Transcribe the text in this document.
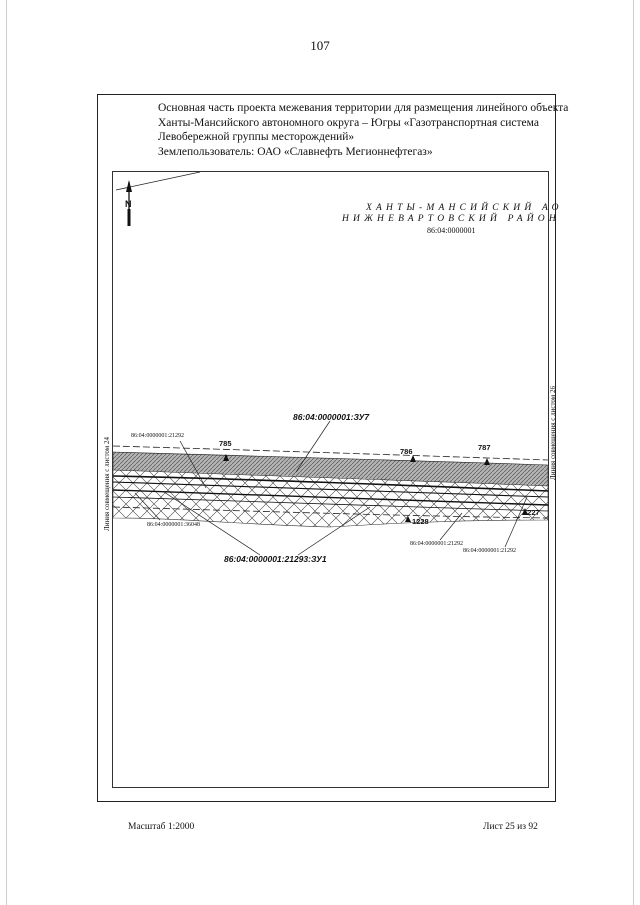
107
Основная часть проекта межевания территории для размещения линейного объекта
Ханты-Мансийского автономного округа – Югры «Газотранспортная система
Левобережной группы месторождений»
Землепользователь: ОАО «Славнефть Мегионнефтегаз»
N	ХАНТЫ-МАНСИЙСКИЙ АО
НИЖНЕВАРТОВСКИЙ РАЙОН
86:04:0000001
Линия совмещения с листом 24
Линия совмещения с листом 26
86:04:0000001:ЗУ7
86:04:0000001:21293:ЗУ1
86:04:0000001:21292
86:04:0000001:36048
86:04:0000001:21292
86:04:0000001:21292
785
786	787
1228
1227
Масштаб 1:2000	Лист 25 из 92
